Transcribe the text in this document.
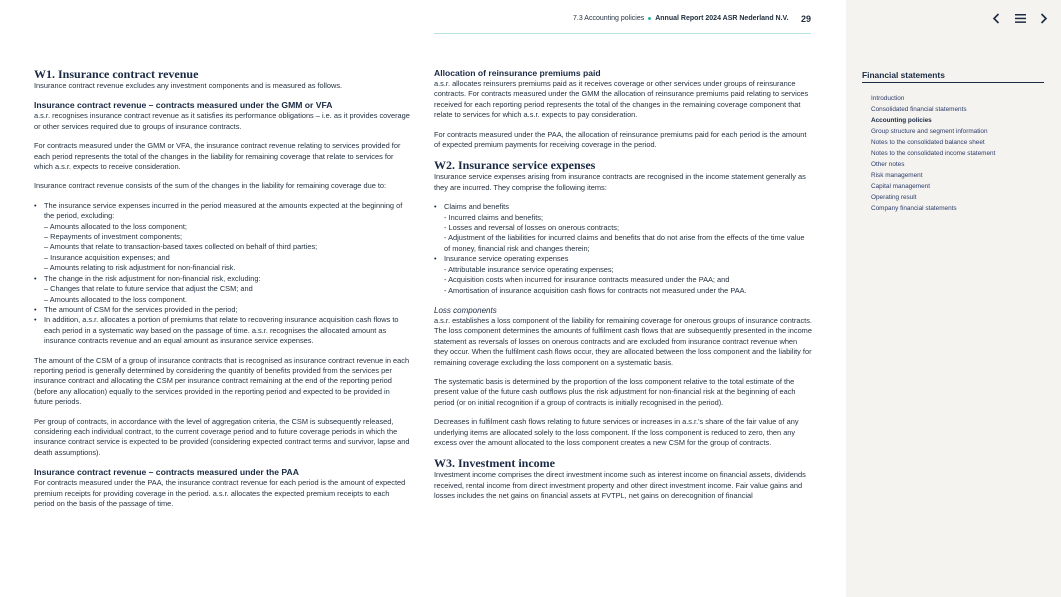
7.3 Accounting policies Annual Report 2024 ASR Nederland N.V. 29
W1. Insurance contract revenue
Insurance contract revenue excludes any investment components and is measured as follows.
Insurance contract revenue – contracts measured under the GMM or VFA
a.s.r. recognises insurance contract revenue as it satisfies its performance obligations – i.e. as it provides coverage or other services required due to groups of insurance contracts.
For contracts measured under the GMM or VFA, the insurance contract revenue relating to services provided for each period represents the total of the changes in the liability for remaining coverage that relate to services for which a.s.r. expects to receive consideration.
Insurance contract revenue consists of the sum of the changes in the liability for remaining coverage due to:
• The insurance service expenses incurred in the period measured at the amounts expected at the beginning of the period, excluding:
– Amounts allocated to the loss component;
– Repayments of investment components;
– Amounts that relate to transaction-based taxes collected on behalf of third parties;
– Insurance acquisition expenses; and
– Amounts relating to risk adjustment for non-financial risk.
• The change in the risk adjustment for non-financial risk, excluding:
– Changes that relate to future service that adjust the CSM; and
– Amounts allocated to the loss component.
• The amount of CSM for the services provided in the period;
• In addition, a.s.r. allocates a portion of premiums that relate to recovering insurance acquisition cash flows to each period in a systematic way based on the passage of time. a.s.r. recognises the allocated amount as insurance contracts revenue and an equal amount as insurance service expenses.
The amount of the CSM of a group of insurance contracts that is recognised as insurance contract revenue in each reporting period is generally determined by considering the quantity of benefits provided from the services per insurance contract and allocating the CSM per insurance contract remaining at the end of the reporting period (before any allocation) equally to the services provided in the reporting period and expected to be provided in future periods.
Per group of contracts, in accordance with the level of aggregation criteria, the CSM is subsequently released, considering each individual contract, to the current coverage period and to future coverage periods in which the insurance contract service is expected to be provided (considering expected contract terms and survivor, lapse and death assumptions).
Insurance contract revenue – contracts measured under the PAA
For contracts measured under the PAA, the insurance contract revenue for each period is the amount of expected premium receipts for providing coverage in the period. a.s.r. allocates the expected premium receipts to each period on the basis of the passage of time.
Allocation of reinsurance premiums paid
a.s.r. allocates reinsurers premiums paid as it receives coverage or other services under groups of reinsurance contracts. For contracts measured under the GMM the allocation of reinsurance premiums paid relating to services received for each reporting period represents the total of the changes in the remaining coverage component that relate to services for which a.s.r. expects to pay consideration.
For contracts measured under the PAA, the allocation of reinsurance premiums paid for each period is the amount of expected premium payments for receiving coverage in the period.
W2. Insurance service expenses
Insurance service expenses arising from insurance contracts are recognised in the income statement generally as they are incurred. They comprise the following items:
• Claims and benefits
- Incurred claims and benefits;
- Losses and reversal of losses on onerous contracts;
- Adjustment of the liabilities for incurred claims and benefits that do not arise from the effects of the time value of money, financial risk and changes therein;
• Insurance service operating expenses
- Attributable insurance service operating expenses;
- Acquisition costs when incurred for insurance contracts measured under the PAA; and
- Amortisation of insurance acquisition cash flows for contracts not measured under the PAA.
Loss components
a.s.r. establishes a loss component of the liability for remaining coverage for onerous groups of insurance contracts. The loss component determines the amounts of fulfilment cash flows that are subsequently presented in the income statement as reversals of losses on onerous contracts and are excluded from insurance contract revenue when they occur. When the fulfilment cash flows occur, they are allocated between the loss component and the liability for remaining coverage excluding the loss component on a systematic basis.
The systematic basis is determined by the proportion of the loss component relative to the total estimate of the present value of the future cash outflows plus the risk adjustment for non-financial risk at the beginning of each period (or on initial recognition if a group of contracts is initially recognised in the period).
Decreases in fulfilment cash flows relating to future services or increases in a.s.r.'s share of the fair value of any underlying items are allocated solely to the loss component. If the loss component is reduced to zero, then any excess over the amount allocated to the loss component creates a new CSM for the group of contracts.
W3. Investment income
Investment income comprises the direct investment income such as interest income on financial assets, dividends received, rental income from direct investment property and other direct investment income. Fair value gains and losses includes the net gains on financial assets at FVTPL, net gains on derecognition of financial
Financial statements
Introduction
Consolidated financial statements
Accounting policies
Group structure and segment information
Notes to the consolidated balance sheet
Notes to the consolidated income statement
Other notes
Risk management
Capital management
Operating result
Company financial statements
